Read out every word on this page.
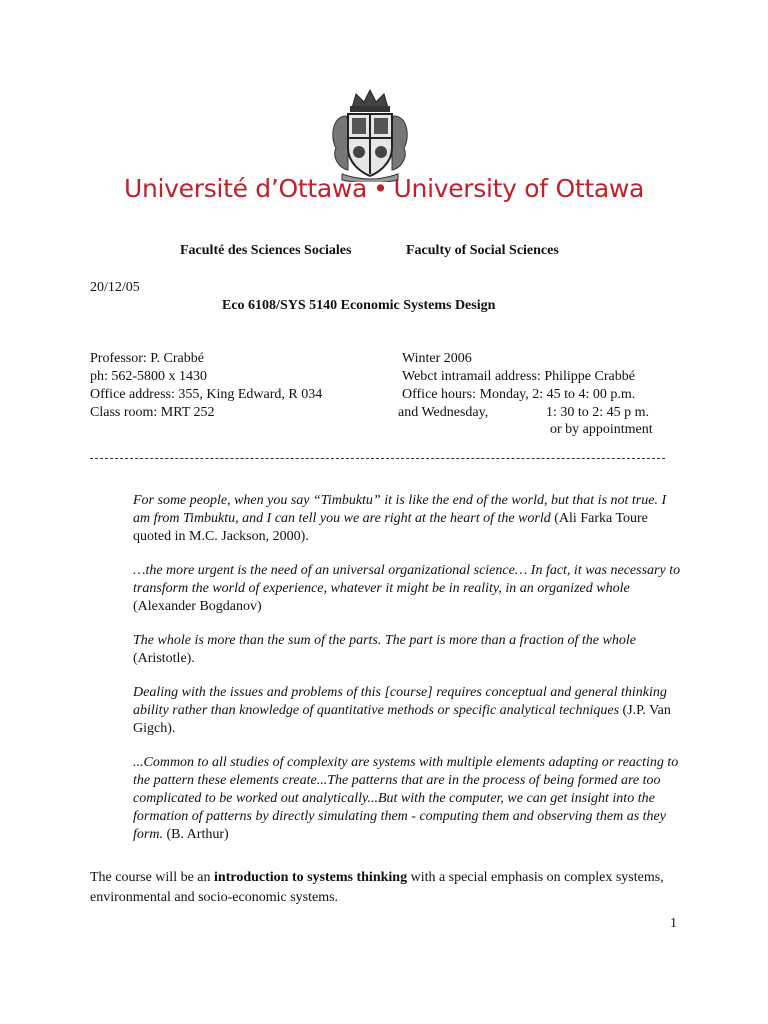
Université d’Ottawa • University of Ottawa
Faculté des Sciences Sociales	Faculty of Social Sciences
20/12/05
Eco 6108/SYS 5140 Economic Systems Design
Professor: P. Crabbé
ph: 562-5800 x 1430
Office address: 355, King Edward, R 034
Class room: MRT 252
Winter 2006
Webct intramail address: Philippe Crabbé
Office hours: Monday, 2: 45 to 4: 00 p.m.
and Wednesday,	1: 30 to 2: 45 p m.
or by appointment

For some people, when you say “Timbuktu” it is like the end of the world, but that is not true. I am from Timbuktu, and I can tell you we are right at the heart of the world (Ali Farka Toure quoted in M.C. Jackson, 2000).

…the more urgent is the need of an universal organizational science… In fact, it was necessary to transform the world of experience, whatever it might be in reality, in an organized whole (Alexander Bogdanov)

The whole is more than the sum of the parts. The part is more than a fraction of the whole (Aristotle).

Dealing with the issues and problems of this [course] requires conceptual and general thinking ability rather than knowledge of quantitative methods or specific analytical techniques (J.P. Van Gigch).

...Common to all studies of complexity are systems with multiple elements adapting or reacting to the pattern these elements create...The patterns that are in the process of being formed are too complicated to be worked out analytically...But with the computer, we can get insight into the formation of patterns by directly simulating them - computing them and observing them as they form. (B. Arthur)

The course will be an introduction to systems thinking with a special emphasis on complex systems, environmental and socio-economic systems.
1
